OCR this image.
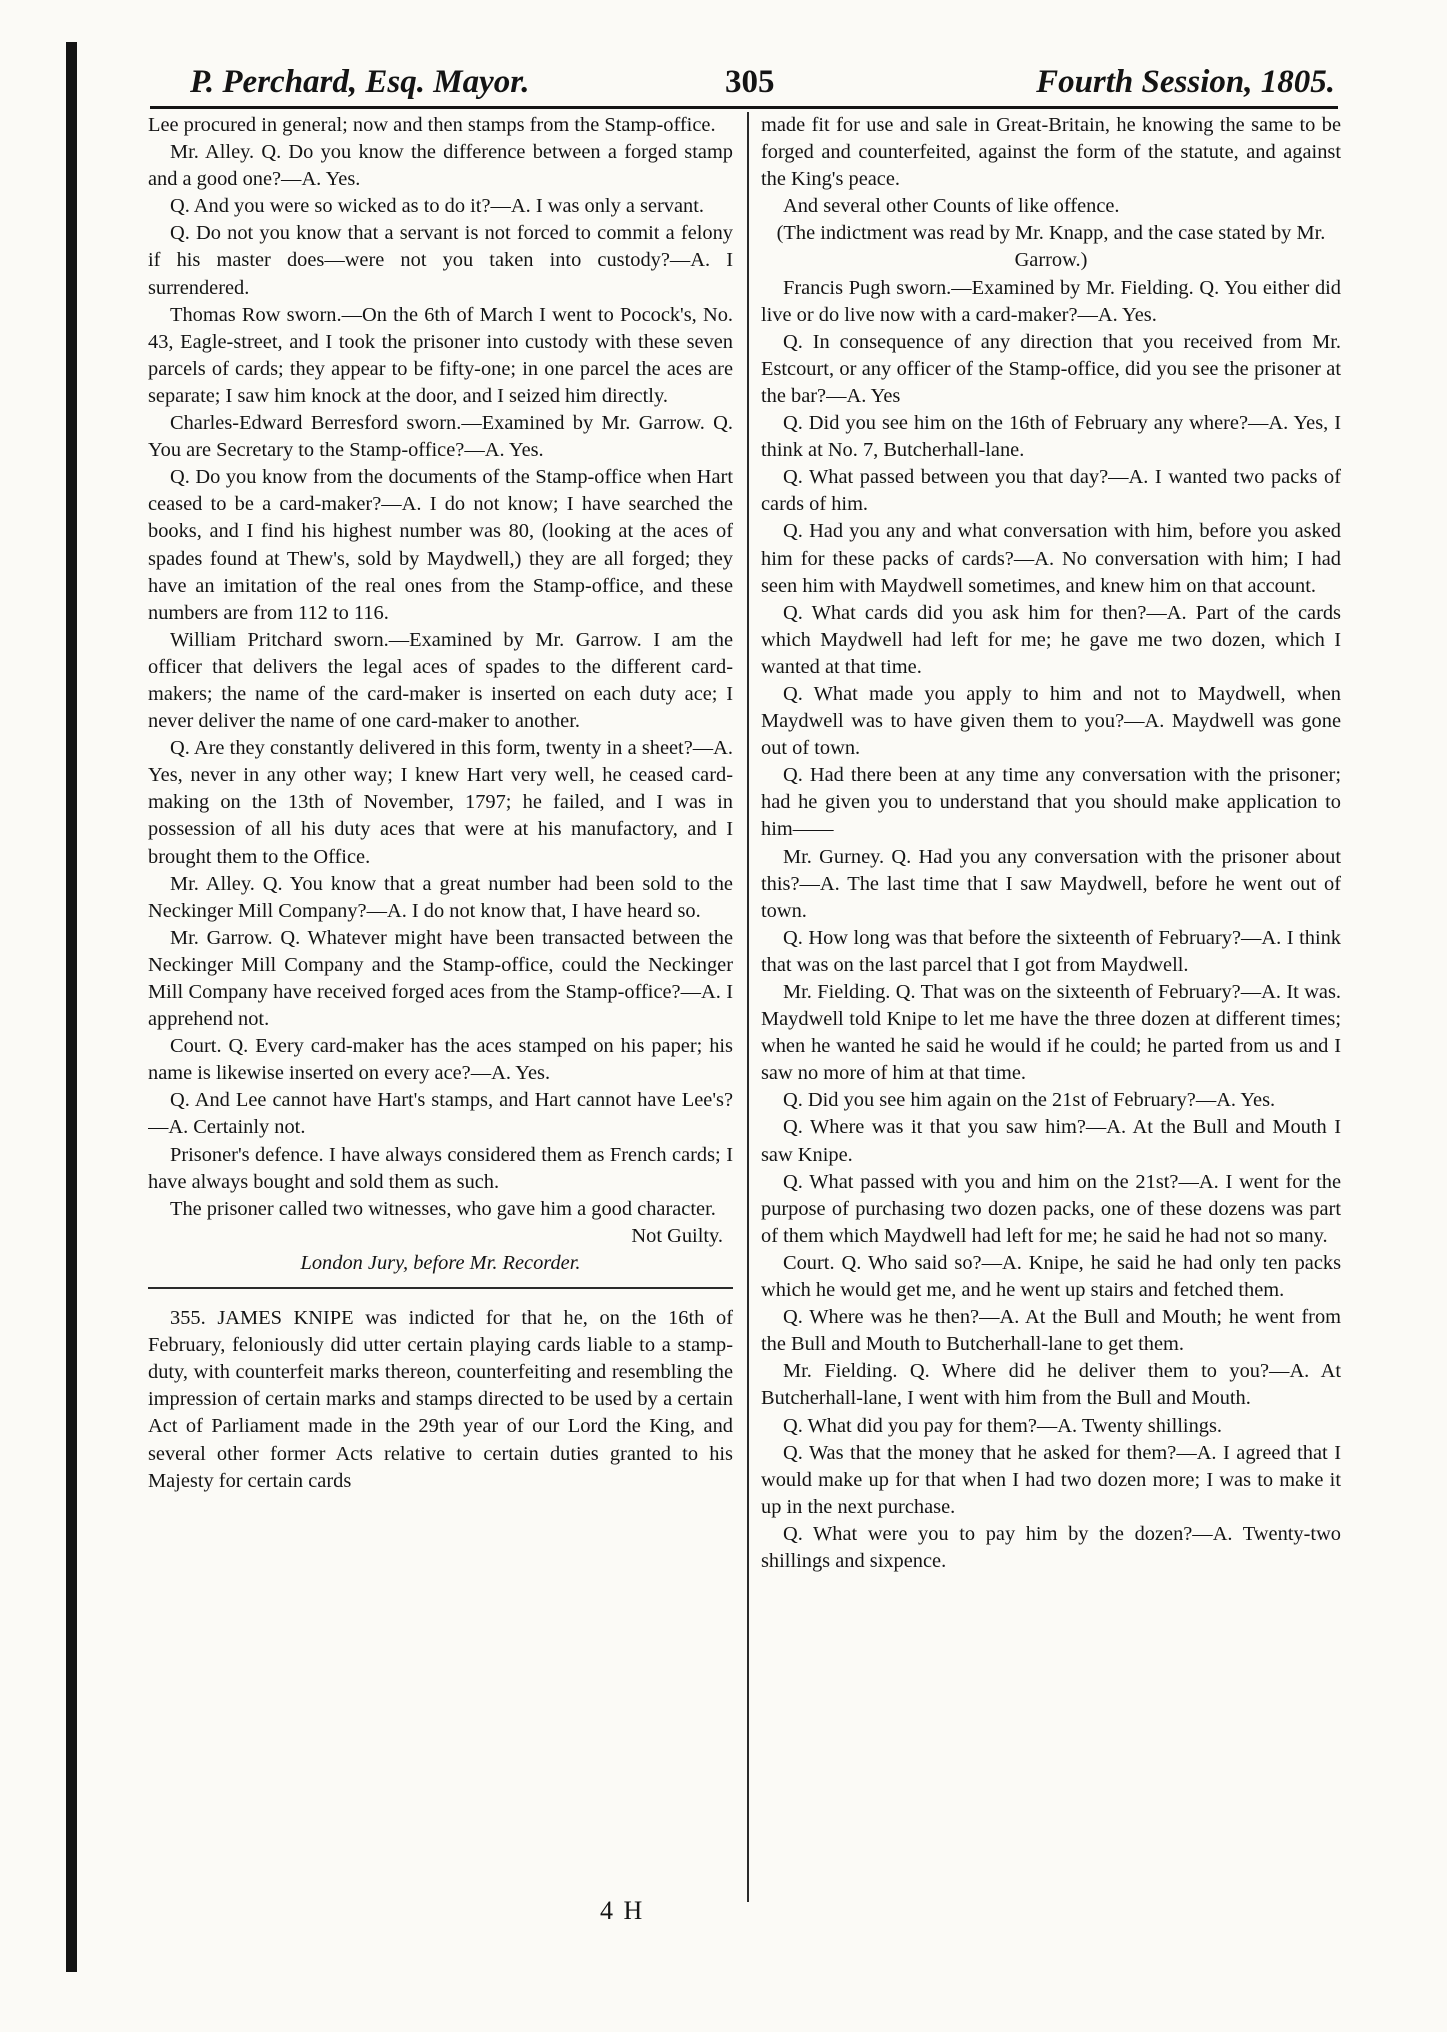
P. Perchard, Esq. Mayor.	305	Fourth Session, 1805.

Lee procured in general; now and then stamps from the Stamp-office.

Mr. Alley. Q. Do you know the difference between a forged stamp and a good one?—A. Yes.

Q. And you were so wicked as to do it?—A. I was only a servant.

Q. Do not you know that a servant is not forced to commit a felony if his master does—were not you taken into custody?—A. I surrendered.

Thomas Row sworn.—On the 6th of March I went to Pocock's, No. 43, Eagle-street, and I took the prisoner into custody with these seven parcels of cards; they appear to be fifty-one; in one parcel the aces are separate; I saw him knock at the door, and I seized him directly.

Charles-Edward Berresford sworn.—Examined by Mr. Garrow. Q. You are Secretary to the Stamp-office?—A. Yes.

Q. Do you know from the documents of the Stamp-office when Hart ceased to be a card-maker?—A. I do not know; I have searched the books, and I find his highest number was 80, (looking at the aces of spades found at Thew's, sold by Maydwell,) they are all forged; they have an imitation of the real ones from the Stamp-office, and these numbers are from 112 to 116.

William Pritchard sworn.—Examined by Mr. Garrow. I am the officer that delivers the legal aces of spades to the different card-makers; the name of the card-maker is inserted on each duty ace; I never deliver the name of one card-maker to another.

Q. Are they constantly delivered in this form, twenty in a sheet?—A. Yes, never in any other way; I knew Hart very well, he ceased card-making on the 13th of November, 1797; he failed, and I was in possession of all his duty aces that were at his manufactory, and I brought them to the Office.

Mr. Alley. Q. You know that a great number had been sold to the Neckinger Mill Company?—A. I do not know that, I have heard so.

Mr. Garrow. Q. Whatever might have been transacted between the Neckinger Mill Company and the Stamp-office, could the Neckinger Mill Company have received forged aces from the Stamp-office?—A. I apprehend not.

Court. Q. Every card-maker has the aces stamped on his paper; his name is likewise inserted on every ace?—A. Yes.

Q. And Lee cannot have Hart's stamps, and Hart cannot have Lee's?—A. Certainly not.

Prisoner's defence. I have always considered them as French cards; I have always bought and sold them as such.

The prisoner called two witnesses, who gave him a good character.

Not Guilty.

London Jury, before Mr. Recorder.

355. JAMES KNIPE was indicted for that he, on the 16th of February, feloniously did utter certain playing cards liable to a stamp-duty, with counterfeit marks thereon, counterfeiting and resembling the impression of certain marks and stamps directed to be used by a certain Act of Parliament made in the 29th year of our Lord the King, and several other former Acts relative to certain duties granted to his Majesty for certain cards

made fit for use and sale in Great-Britain, he knowing the same to be forged and counterfeited, against the form of the statute, and against the King's peace.

And several other Counts of like offence.

(The indictment was read by Mr. Knapp, and the case stated by Mr. Garrow.)

Francis Pugh sworn.—Examined by Mr. Fielding. Q. You either did live or do live now with a card-maker?—A. Yes.

Q. In consequence of any direction that you received from Mr. Estcourt, or any officer of the Stamp-office, did you see the prisoner at the bar?—A. Yes

Q. Did you see him on the 16th of February any where?—A. Yes, I think at No. 7, Butcherhall-lane.

Q. What passed between you that day?—A. I wanted two packs of cards of him.

Q. Had you any and what conversation with him, before you asked him for these packs of cards?—A. No conversation with him; I had seen him with Maydwell sometimes, and knew him on that account.

Q. What cards did you ask him for then?—A. Part of the cards which Maydwell had left for me; he gave me two dozen, which I wanted at that time.

Q. What made you apply to him and not to Maydwell, when Maydwell was to have given them to you?—A. Maydwell was gone out of town.

Q. Had there been at any time any conversation with the prisoner; had he given you to understand that you should make application to him——

Mr. Gurney. Q. Had you any conversation with the prisoner about this?—A. The last time that I saw Maydwell, before he went out of town.

Q. How long was that before the sixteenth of February?—A. I think that was on the last parcel that I got from Maydwell.

Mr. Fielding. Q. That was on the sixteenth of February?—A. It was. Maydwell told Knipe to let me have the three dozen at different times; when he wanted he said he would if he could; he parted from us and I saw no more of him at that time.

Q. Did you see him again on the 21st of February?—A. Yes.

Q. Where was it that you saw him?—A. At the Bull and Mouth I saw Knipe.

Q. What passed with you and him on the 21st?—A. I went for the purpose of purchasing two dozen packs, one of these dozens was part of them which Maydwell had left for me; he said he had not so many.

Court. Q. Who said so?—A. Knipe, he said he had only ten packs which he would get me, and he went up stairs and fetched them.

Q. Where was he then?—A. At the Bull and Mouth; he went from the Bull and Mouth to Butcherhall-lane to get them.

Mr. Fielding. Q. Where did he deliver them to you?—A. At Butcherhall-lane, I went with him from the Bull and Mouth.

Q. What did you pay for them?—A. Twenty shillings.

Q. Was that the money that he asked for them?—A. I agreed that I would make up for that when I had two dozen more; I was to make it up in the next purchase.

Q. What were you to pay him by the dozen?—A. Twenty-two shillings and sixpence.

4 H
